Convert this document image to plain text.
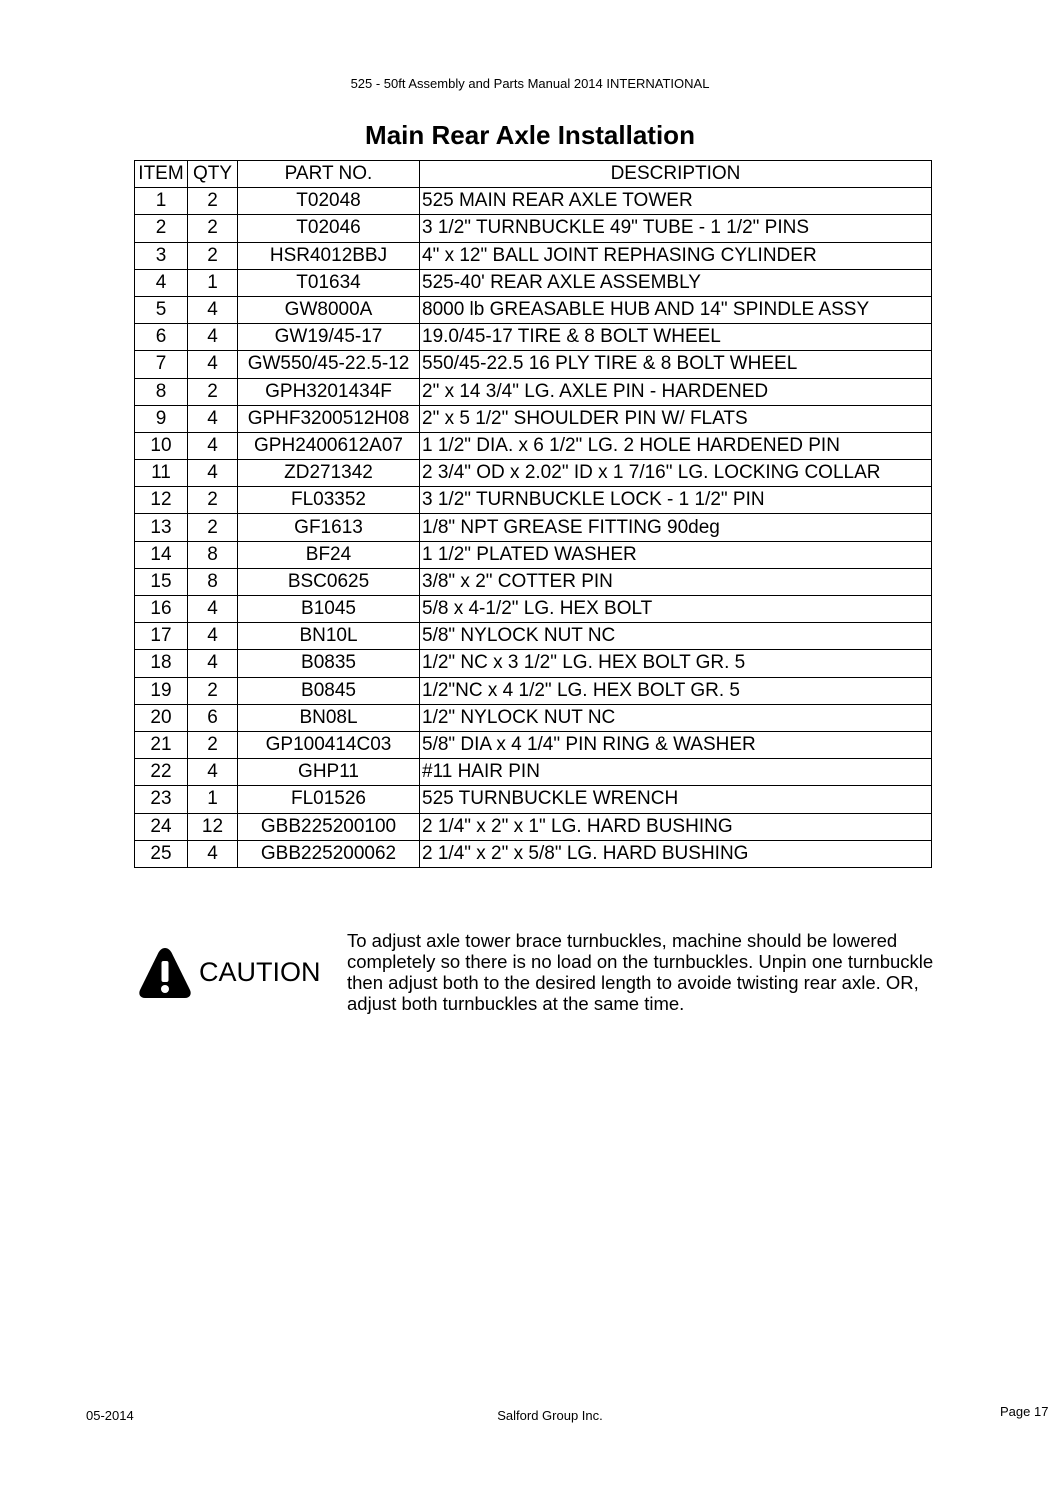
525 - 50ft Assembly and Parts Manual 2014 INTERNATIONAL
Main Rear Axle Installation
ITEM	QTY	PART NO.	DESCRIPTION
1	2	T02048	525 MAIN REAR AXLE TOWER
2	2	T02046	3 1/2" TURNBUCKLE 49" TUBE - 1 1/2" PINS
3	2	HSR4012BBJ	4" x 12" BALL JOINT REPHASING CYLINDER
4	1	T01634	525-40' REAR AXLE ASSEMBLY
5	4	GW8000A	8000 lb GREASABLE HUB AND 14" SPINDLE ASSY
6	4	GW19/45-17	19.0/45-17 TIRE & 8 BOLT WHEEL
7	4	GW550/45-22.5-12	550/45-22.5 16 PLY TIRE & 8 BOLT WHEEL
8	2	GPH3201434F	2" x 14 3/4" LG. AXLE PIN - HARDENED
9	4	GPHF3200512H08	2" x 5 1/2" SHOULDER PIN W/ FLATS
10	4	GPH2400612A07	1 1/2" DIA. x 6 1/2" LG. 2 HOLE HARDENED PIN
11	4	ZD271342	2 3/4" OD x 2.02" ID x 1 7/16" LG. LOCKING COLLAR
12	2	FL03352	3 1/2" TURNBUCKLE LOCK - 1 1/2" PIN
13	2	GF1613	1/8" NPT GREASE FITTING 90deg
14	8	BF24	1 1/2" PLATED WASHER
15	8	BSC0625	3/8" x 2" COTTER PIN
16	4	B1045	5/8 x 4-1/2" LG. HEX BOLT
17	4	BN10L	5/8" NYLOCK NUT NC
18	4	B0835	1/2" NC x 3 1/2" LG. HEX BOLT GR. 5
19	2	B0845	1/2"NC x 4 1/2" LG. HEX BOLT GR. 5
20	6	BN08L	1/2" NYLOCK NUT NC
21	2	GP100414C03	5/8" DIA x 4 1/4" PIN RING & WASHER
22	4	GHP11	#11 HAIR PIN
23	1	FL01526	525 TURNBUCKLE WRENCH
24	12	GBB225200100	2 1/4" x 2" x 1" LG. HARD BUSHING
25	4	GBB225200062	2 1/4" x 2" x 5/8" LG. HARD BUSHING
CAUTION
To adjust axle tower brace turnbuckles, machine should be lowered completely so there is no load on the turnbuckles. Unpin one turnbuckle then adjust both to the desired length to avoide twisting rear axle. OR, adjust both turnbuckles at the same time.
05-2014	Salford Group Inc.	Page 17
